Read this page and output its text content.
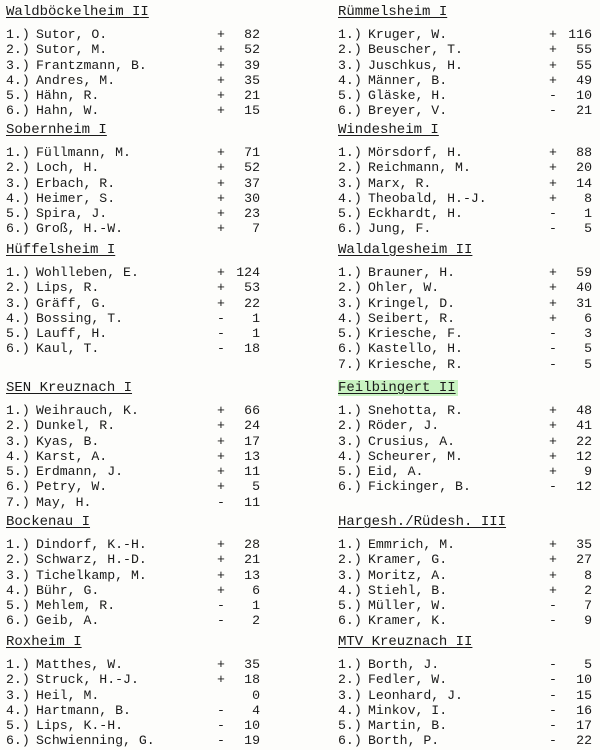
Waldböckelheim II
1.) Sutor, O.	+	82
2.) Sutor, M.	+	52
3.) Frantzmann, B.	+	39
4.) Andres, M.	+	35
5.) Hähn, R.	+	21
6.) Hahn, W.	+	15
Sobernheim I
1.) Füllmann, M.	+	71
2.) Loch, H.	+	52
3.) Erbach, R.	+	37
4.) Heimer, S.	+	30
5.) Spira, J.	+	23
6.) Groß, H.-W.	+	7
Hüffelsheim I
1.) Wohlleben, E.	+ 124
2.) Lips, R.	+	53
3.) Gräff, G.	+	22
4.) Bossing, T.	-	1
5.) Lauff, H.	-	1
6.) Kaul, T.	-	18
SEN Kreuznach I
1.) Weihrauch, K.	+	66
2.) Dunkel, R.	+	24
3.) Kyas, B.	+	17
4.) Karst, A.	+	13
5.) Erdmann, J.	+	11
6.) Petry, W.	+	5
7.) May, H.	-	11
Bockenau I
1.) Dindorf, K.-H.	+	28
2.) Schwarz, H.-D.	+	21
3.) Tichelkamp, M.	+	13
4.) Bühr, G.	+	6
5.) Mehlem, R.	-	1
6.) Geib, A.	-	2
Roxheim I
1.) Matthes, W.	+	35
2.) Struck, H.-J.	+	18
3.) Heil, M.	0
4.) Hartmann, B.	-	4
5.) Lips, K.-H.	-	10
6.) Schwienning, G.	-	19
Rümmelsheim I
1.) Kruger, W.	+ 116
2.) Beuscher, T.	+	55
3.) Juschkus, H.	+	55
4.) Männer, B.	+	49
5.) Gläske, H.	-	10
6.) Breyer, V.	-	21
Windesheim I
1.) Mörsdorf, H.	+	88
2.) Reichmann, M.	+	20
3.) Marx, R.	+	14
4.) Theobald, H.-J.	+	8
5.) Eckhardt, H.	-	1
6.) Jung, F.	-	5
Waldalgesheim II
1.) Brauner, H.	+	59
2.) Ohler, W.	+	40
3.) Kringel, D.	+	31
4.) Seibert, R.	+	6
5.) Kriesche, F.	-	3
6.) Kastello, H.	-	5
7.) Kriesche, R.	-	5
Feilbingert II
1.) Snehotta, R.	+	48
2.) Röder, J.	+	41
3.) Crusius, A.	+	22
4.) Scheurer, M.	+	12
5.) Eid, A.	+	9
6.) Fickinger, B.	-	12
Hargesh./Rüdesh. III
1.) Emmrich, M.	+	35
2.) Kramer, G.	+	27
3.) Moritz, A.	+	8
4.) Stiehl, B.	+	2
5.) Müller, W.	-	7
6.) Kramer, K.	-	9
MTV Kreuznach II
1.) Borth, J.	-	5
2.) Fedler, W.	-	10
3.) Leonhard, J.	-	15
4.) Minkov, I.	-	16
5.) Martin, B.	-	17
6.) Borth, P.	-	22
